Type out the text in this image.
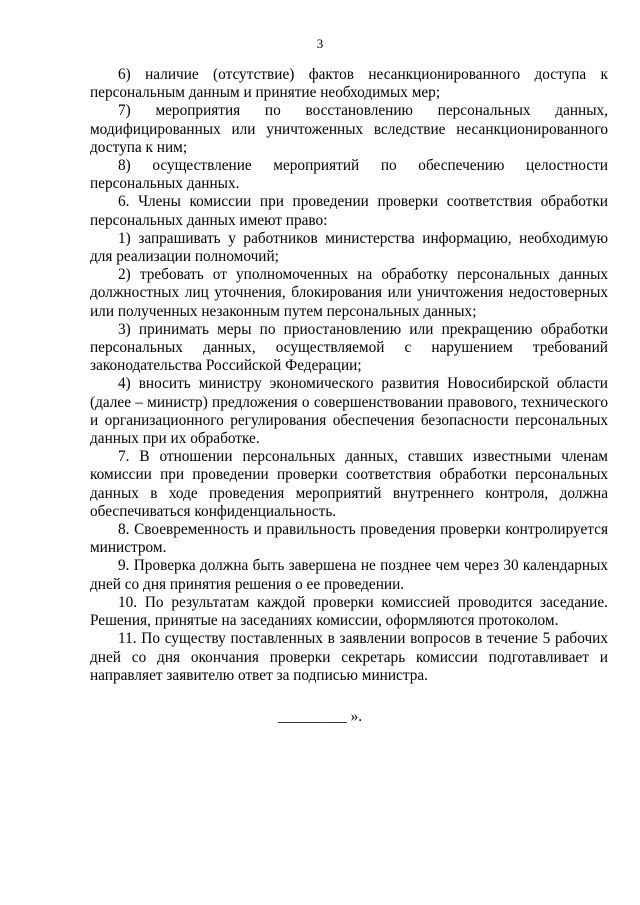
3

6) наличие (отсутствие) фактов несанкционированного доступа к персональным данным и принятие необходимых мер;

7) мероприятия по восстановлению персональных данных, модифицированных или уничтоженных вследствие несанкционированного доступа к ним;

8) осуществление мероприятий по обеспечению целостности персональных данных.

6. Члены комиссии при проведении проверки соответствия обработки персональных данных имеют право:

1) запрашивать у работников министерства информацию, необходимую для реализации полномочий;

2) требовать от уполномоченных на обработку персональных данных должностных лиц уточнения, блокирования или уничтожения недостоверных или полученных незаконным путем персональных данных;

3) принимать меры по приостановлению или прекращению обработки персональных данных, осуществляемой с нарушением требований законодательства Российской Федерации;

4) вносить министру экономического развития Новосибирской области (далее – министр) предложения о совершенствовании правового, технического и организационного регулирования обеспечения безопасности персональных данных при их обработке.

7. В отношении персональных данных, ставших известными членам комиссии при проведении проверки соответствия обработки персональных данных в ходе проведения мероприятий внутреннего контроля, должна обеспечиваться конфиденциальность.

8. Своевременность и правильность проведения проверки контролируется министром.

9. Проверка должна быть завершена не позднее чем через 30 календарных дней со дня принятия решения о ее проведении.

10. По результатам каждой проверки комиссией проводится заседание. Решения, принятые на заседаниях комиссии, оформляются протоколом.

11. По существу поставленных в заявлении вопросов в течение 5 рабочих дней со дня окончания проверки секретарь комиссии подготавливает и направляет заявителю ответ за подписью министра.

_________ ».
